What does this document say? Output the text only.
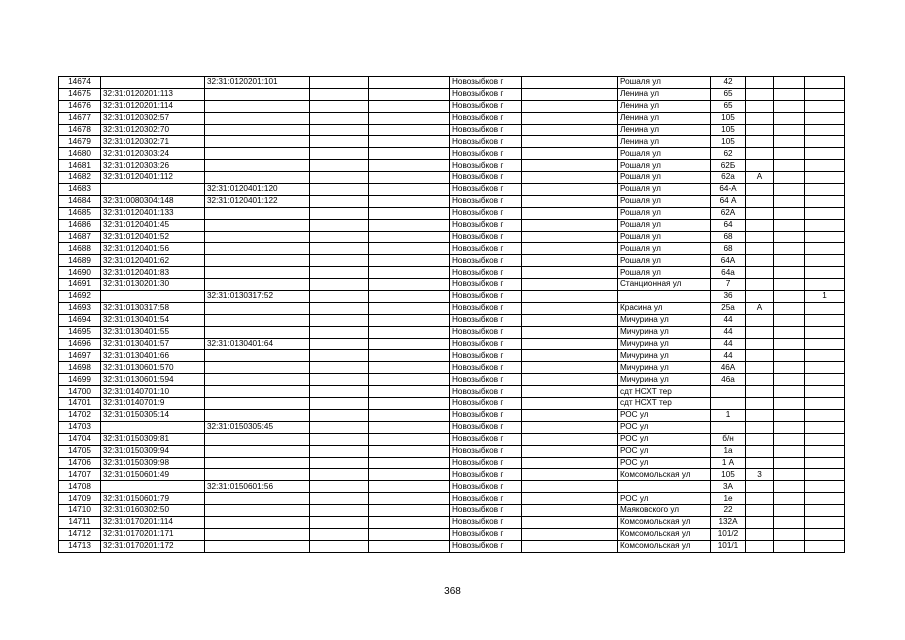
14674		32:31:0120201:101			Новозыбков г		Рошаля ул	42			
14675	32:31:0120201:113				Новозыбков г		Ленина ул	65			
14676	32:31:0120201:114				Новозыбков г		Ленина ул	65			
14677	32:31:0120302:57				Новозыбков г		Ленина ул	105			
14678	32:31:0120302:70				Новозыбков г		Ленина ул	105			
14679	32:31:0120302:71				Новозыбков г		Ленина ул	105			
14680	32:31:0120303:24				Новозыбков г		Рошаля ул	62			
14681	32:31:0120303:26				Новозыбков г		Рошаля ул	62Б			
14682	32:31:0120401:112				Новозыбков г		Рошаля ул	62а	А		
14683		32:31:0120401:120			Новозыбков г		Рошаля ул	64-А			
14684	32:31:0080304:148	32:31:0120401:122			Новозыбков г		Рошаля ул	64 А			
14685	32:31:0120401:133				Новозыбков г		Рошаля ул	62А			
14686	32:31:0120401:45				Новозыбков г		Рошаля ул	64			
14687	32:31:0120401:52				Новозыбков г		Рошаля ул	68			
14688	32:31:0120401:56				Новозыбков г		Рошаля ул	68			
14689	32:31:0120401:62				Новозыбков г		Рошаля ул	64А			
14690	32:31:0120401:83				Новозыбков г		Рошаля ул	64а			
14691	32:31:0130201:30				Новозыбков г		Станционная ул	7			
14692		32:31:0130317:52			Новозыбков г			36			1
14693	32:31:0130317:58				Новозыбков г		Красина ул	25а	А		
14694	32:31:0130401:54				Новозыбков г		Мичурина ул	44			
14695	32:31:0130401:55				Новозыбков г		Мичурина ул	44			
14696	32:31:0130401:57	32:31:0130401:64			Новозыбков г		Мичурина ул	44			
14697	32:31:0130401:66				Новозыбков г		Мичурина ул	44			
14698	32:31:0130601:570				Новозыбков г		Мичурина ул	46А			
14699	32:31:0130601:594				Новозыбков г		Мичурина ул	46а			
14700	32:31:0140701:10				Новозыбков г		сдт НСХТ тер				
14701	32:31:0140701:9				Новозыбков г		сдт НСХТ тер				
14702	32:31:0150305:14				Новозыбков г		РОС ул	1			
14703		32:31:0150305:45			Новозыбков г		РОС ул				
14704	32:31:0150309:81				Новозыбков г		РОС ул	б/н			
14705	32:31:0150309:94				Новозыбков г		РОС ул	1а			
14706	32:31:0150309:98				Новозыбков г		РОС ул	1 А			
14707	32:31:0150601:49				Новозыбков г		Комсомольская ул	105	3		
14708		32:31:0150601:56			Новозыбков г			3А			
14709	32:31:0150601:79				Новозыбков г		РОС ул	1е			
14710	32:31:0160302:50				Новозыбков г		Маяковского ул	22			
14711	32:31:0170201:114				Новозыбков г		Комсомольская ул	132А			
14712	32:31:0170201:171				Новозыбков г		Комсомольская ул	101/2			
14713	32:31:0170201:172				Новозыбков г		Комсомольская ул	101/1			
368
